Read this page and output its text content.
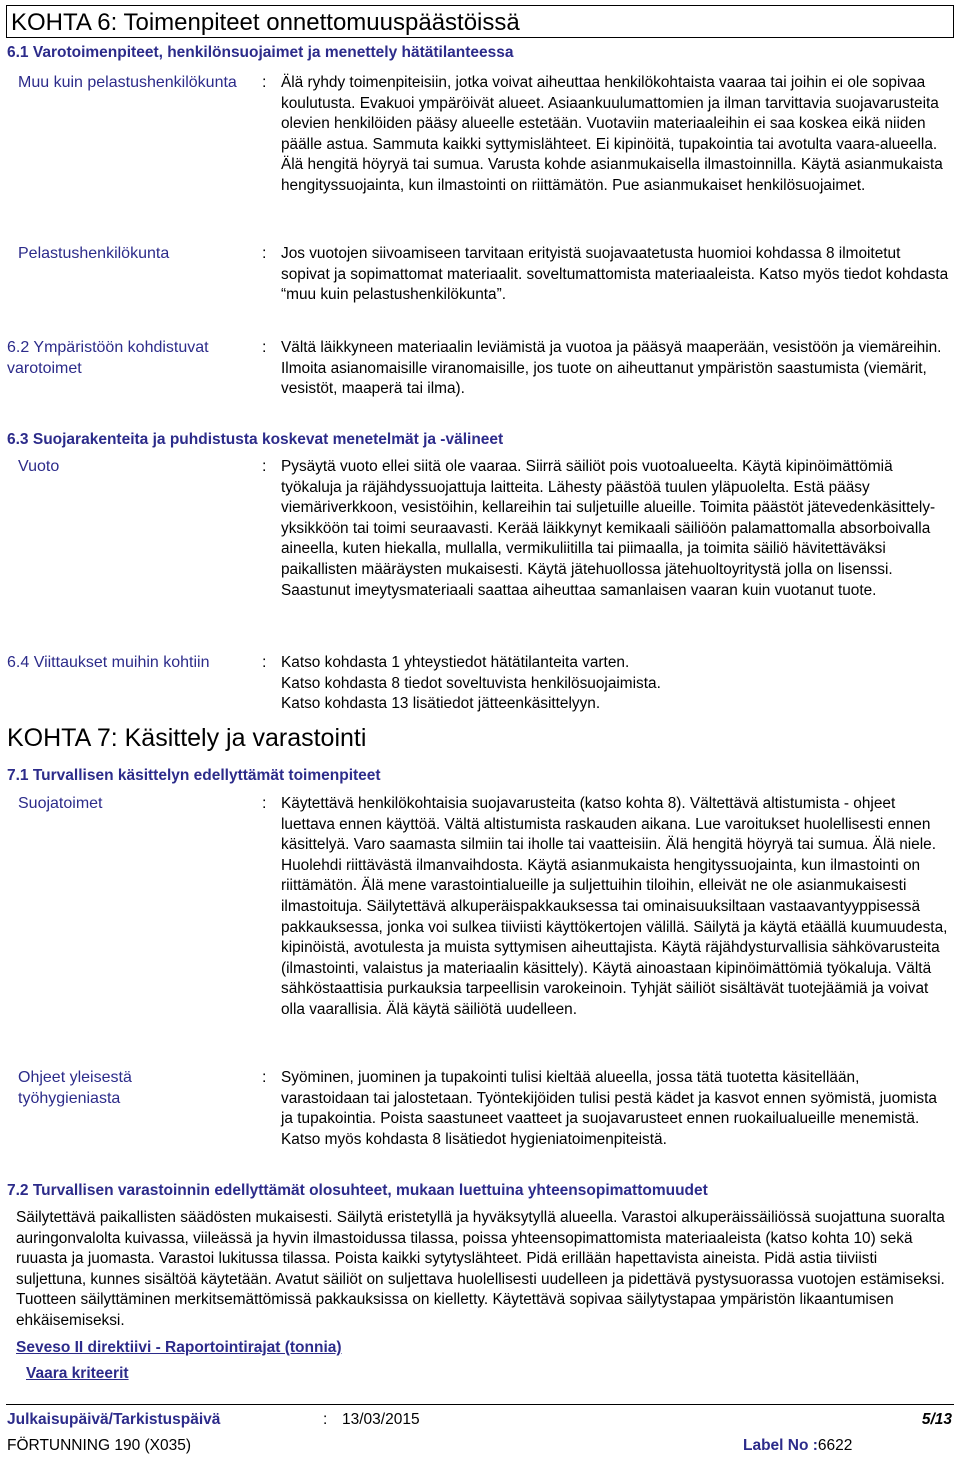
KOHTA 6: Toimenpiteet onnettomuuspäästöissä
6.1 Varotoimenpiteet, henkilönsuojaimet ja menettely hätätilanteessa
Muu kuin pelastushenkilökunta	: Älä ryhdy toimenpiteisiin, jotka voivat aiheuttaa henkilökohtaista vaaraa tai joihin ei ole sopivaa koulutusta. Evakuoi ympäröivät alueet. Asiaankuulumattomien ja ilman tarvittavia suojavarusteita olevien henkilöiden pääsy alueelle estetään. Vuotaviin materiaaleihin ei saa koskea eikä niiden päälle astua. Sammuta kaikki syttymislähteet. Ei kipinöitä, tupakointia tai avotulta vaara-alueella. Älä hengitä höyryä tai sumua. Varusta kohde asianmukaisella ilmastoinnilla. Käytä asianmukaista hengityssuojainta, kun ilmastointi on riittämätön. Pue asianmukaiset henkilösuojaimet.
Pelastushenkilökunta	: Jos vuotojen siivoamiseen tarvitaan erityistä suojavaatetusta huomioi kohdassa 8 ilmoitetut sopivat ja sopimattomat materiaalit. soveltumattomista materiaaleista. Katso myös tiedot kohdasta “muu kuin pelastushenkilökunta”.
6.2 Ympäristöön kohdistuvat varotoimet
: Vältä läikkyneen materiaalin leviämistä ja vuotoa ja pääsyä maaperään, vesistöön ja viemäreihin. Ilmoita asianomaisille viranomaisille, jos tuote on aiheuttanut ympäristön saastumista (viemärit, vesistöt, maaperä tai ilma).
6.3 Suojarakenteita ja puhdistusta koskevat menetelmät ja -välineet
Vuoto	: Pysäytä vuoto ellei siitä ole vaaraa. Siirrä säiliöt pois vuotoalueelta. Käytä kipinöimättömiä työkaluja ja räjähdyssuojattuja laitteita. Lähesty päästöä tuulen yläpuolelta. Estä pääsy viemäriverkkoon, vesistöihin, kellareihin tai suljetuille alueille. Toimita päästöt jätevedenkäsittely-yksikköön tai toimi seuraavasti. Kerää läikkynyt kemikaali säiliöön palamattomalla absorboivalla aineella, kuten hiekalla, mullalla, vermikuliitilla tai piimaalla, ja toimita säiliö hävitettäväksi paikallisten määräysten mukaisesti. Käytä jätehuollossa jätehuoltoyritystä jolla on lisenssi. Saastunut imeytysmateriaali saattaa aiheuttaa samanlaisen vaaran kuin vuotanut tuote.
6.4 Viittaukset muihin kohtiin	: Katso kohdasta 1 yhteystiedot hätätilanteita varten.
Katso kohdasta 8 tiedot soveltuvista henkilösuojaimista.
Katso kohdasta 13 lisätiedot jätteenkäsittelyyn.
KOHTA 7: Käsittely ja varastointi
7.1 Turvallisen käsittelyn edellyttämät toimenpiteet
Suojatoimet	: Käytettävä henkilökohtaisia suojavarusteita (katso kohta 8). Vältettävä altistumista - ohjeet luettava ennen käyttöä. Vältä altistumista raskauden aikana. Lue varoitukset huolellisesti ennen käsittelyä. Varo saamasta silmiin tai iholle tai vaatteisiin. Älä hengitä höyryä tai sumua. Älä niele. Huolehdi riittävästä ilmanvaihdosta. Käytä asianmukaista hengityssuojainta, kun ilmastointi on riittämätön. Älä mene varastointialueille ja suljettuihin tiloihin, elleivät ne ole asianmukaisesti ilmastoituja. Säilytettävä alkuperäispakkauksessa tai ominaisuuksiltaan vastaavantyyppisessä pakkauksessa, jonka voi sulkea tiiviisti käyttökertojen välillä. Säilytä ja käytä etäällä kuumuudesta, kipinöistä, avotulesta ja muista syttymisen aiheuttajista. Käytä räjähdysturvallisia sähkövarusteita (ilmastointi, valaistus ja materiaalin käsittely). Käytä ainoastaan kipinöimättömiä työkaluja. Vältä sähköstaattisia purkauksia tarpeellisin varokeinoin. Tyhjät säiliöt sisältävät tuotejäämiä ja voivat olla vaarallisia. Älä käytä säiliötä uudelleen.
Ohjeet yleisestä työhygieniasta
: Syöminen, juominen ja tupakointi tulisi kieltää alueella, jossa tätä tuotetta käsitellään, varastoidaan tai jalostetaan. Työntekijöiden tulisi pestä kädet ja kasvot ennen syömistä, juomista ja tupakointia. Poista saastuneet vaatteet ja suojavarusteet ennen ruokailualueille menemistä. Katso myös kohdasta 8 lisätiedot hygieniatoimenpiteistä.
7.2 Turvallisen varastoinnin edellyttämät olosuhteet, mukaan luettuina yhteensopimattomuudet
Säilytettävä paikallisten säädösten mukaisesti. Säilytä eristetyllä ja hyväksytyllä alueella. Varastoi alkuperäissäiliössä suojattuna suoralta auringonvalolta kuivassa, viileässä ja hyvin ilmastoidussa tilassa, poissa yhteensopimattomista materiaaleista (katso kohta 10) sekä ruuasta ja juomasta. Varastoi lukitussa tilassa. Poista kaikki sytytyslähteet. Pidä erillään hapettavista aineista. Pidä astia tiiviisti suljettuna, kunnes sisältöä käytetään. Avatut säiliöt on suljettava huolellisesti uudelleen ja pidettävä pystysuorassa vuotojen estämiseksi. Tuotteen säilyttäminen merkitsemättömissä pakkauksissa on kielletty. Käytettävä sopivaa säilytystapaa ympäristön likaantumisen ehkäisemiseksi.
Seveso II direktiivi - Raportointirajat (tonnia)
Vaara kriteerit
Julkaisupäivä/Tarkistuspäivä	: 13/03/2015	5/13
FÖRTUNNING 190 (X035)	Label No :6622
